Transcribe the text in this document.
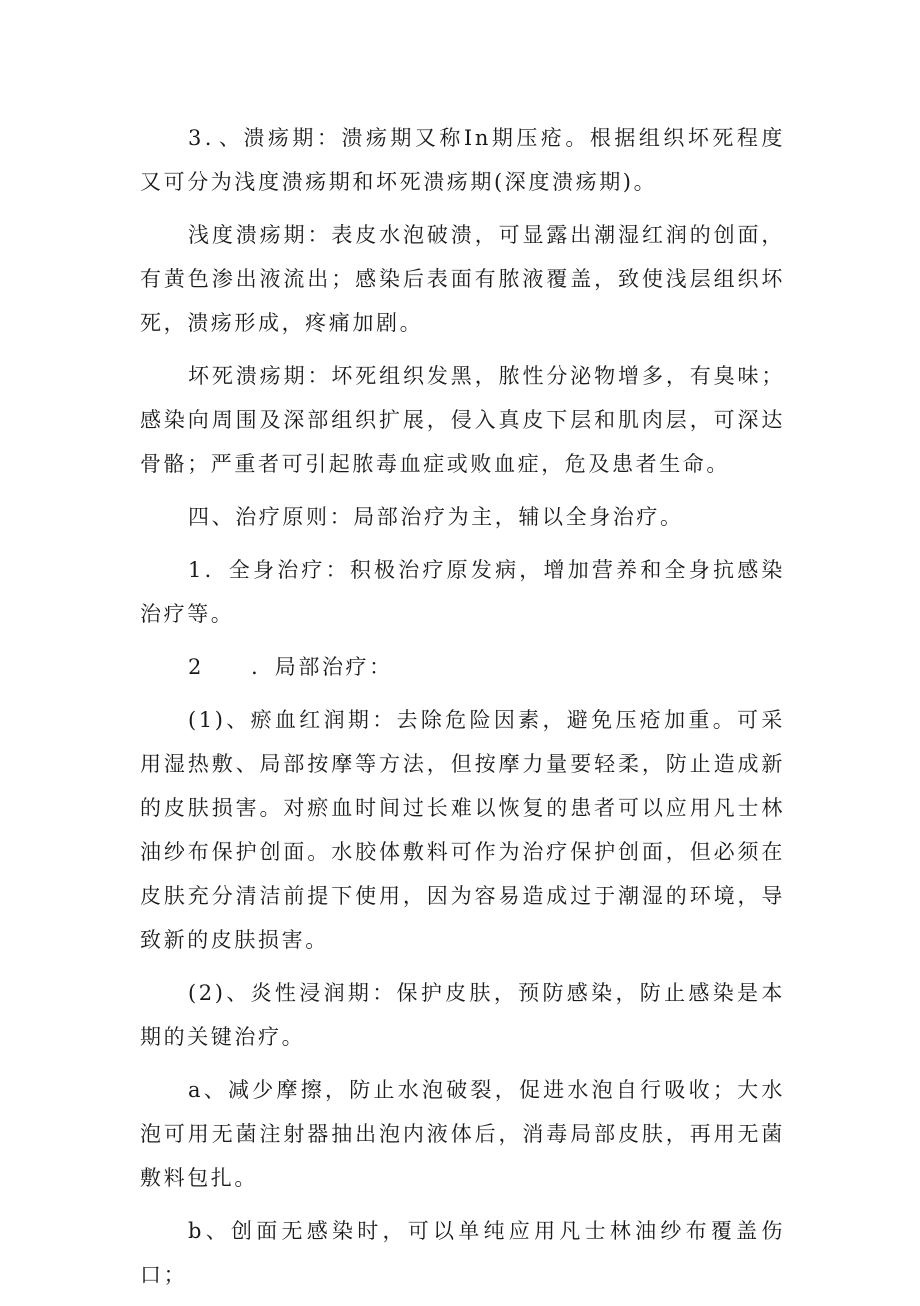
3．、溃疡期：溃疡期又称In期压疮。根据组织坏死程度又可分为浅度溃疡期和坏死溃疡期(深度溃疡期)。

浅度溃疡期：表皮水泡破溃，可显露出潮湿红润的创面，有黄色渗出液流出；感染后表面有脓液覆盖，致使浅层组织坏死，溃疡形成，疼痛加剧。

坏死溃疡期：坏死组织发黑，脓性分泌物增多，有臭味；感染向周围及深部组织扩展，侵入真皮下层和肌肉层，可深达骨骼；严重者可引起脓毒血症或败血症，危及患者生命。

四、治疗原则：局部治疗为主，辅以全身治疗。

1．全身治疗：积极治疗原发病，增加营养和全身抗感染治疗等。

2　　．局部治疗：

(1)、瘀血红润期：去除危险因素，避免压疮加重。可采用湿热敷、局部按摩等方法，但按摩力量要轻柔，防止造成新的皮肤损害。对瘀血时间过长难以恢复的患者可以应用凡士林油纱布保护创面。水胶体敷料可作为治疗保护创面，但必须在皮肤充分清洁前提下使用，因为容易造成过于潮湿的环境，导致新的皮肤损害。

(2)、炎性浸润期：保护皮肤，预防感染，防止感染是本期的关键治疗。

a、减少摩擦，防止水泡破裂，促进水泡自行吸收；大水泡可用无菌注射器抽出泡内液体后，消毒局部皮肤，再用无菌敷料包扎。

b、创面无感染时，可以单纯应用凡士林油纱布覆盖伤口；
